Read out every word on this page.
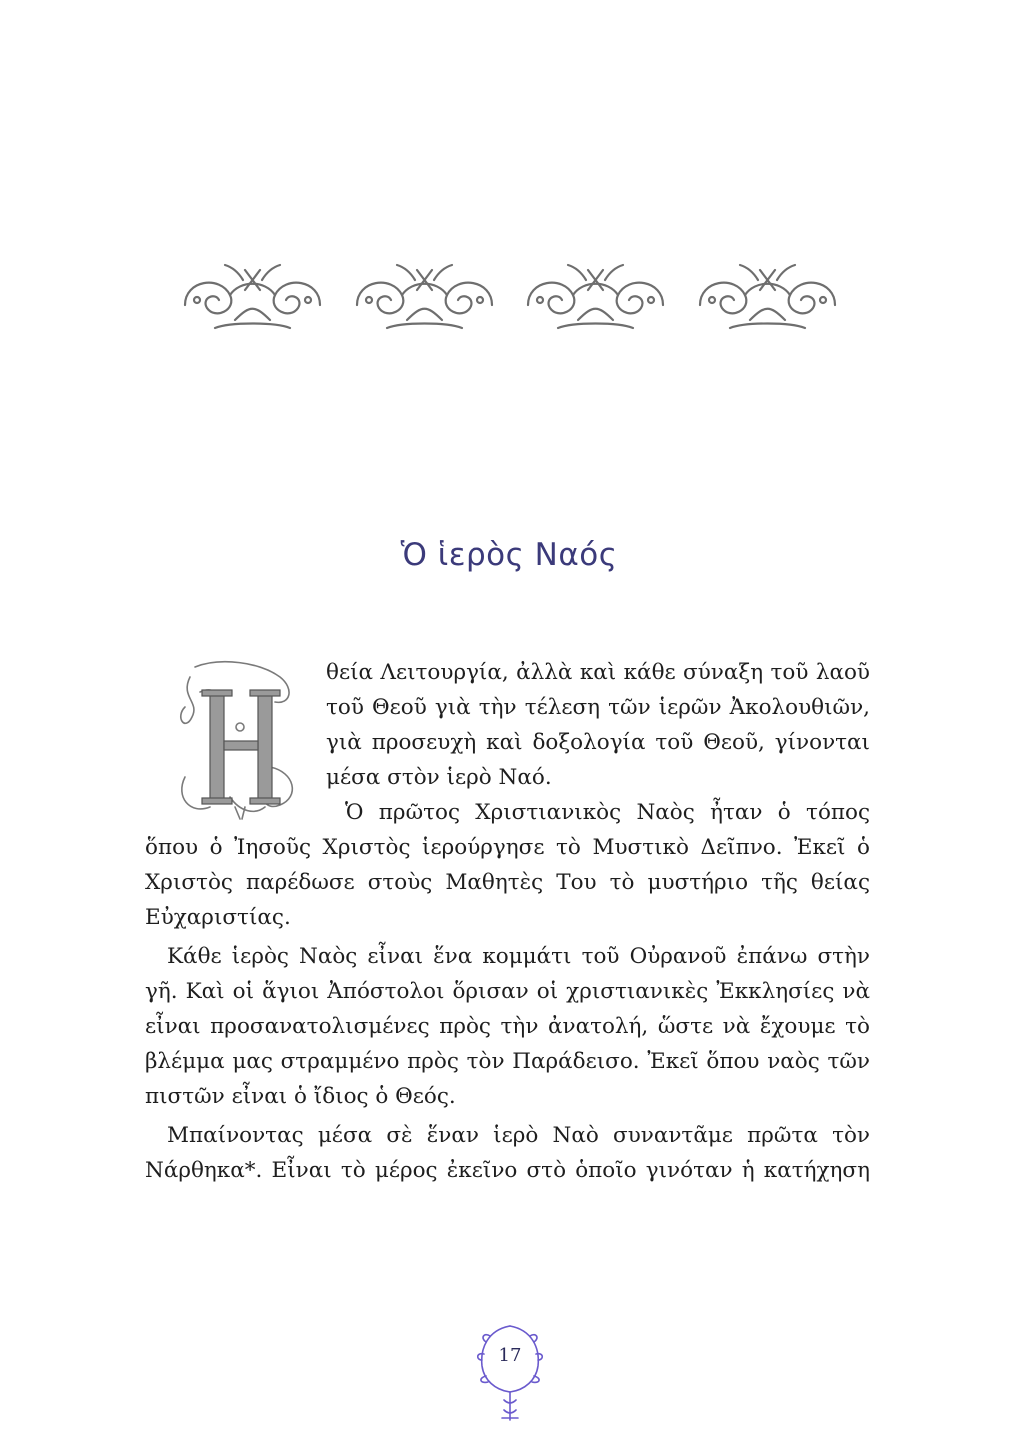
Ὁ ἱερὸς Ναός
θεία Λειτουργία, ἀλλὰ καὶ κάθε σύναξη τοῦ λαοῦ
τοῦ Θεοῦ γιὰ τὴν τέλεση τῶν ἱερῶν Ἀκολουθιῶν,
γιὰ προσευχὴ καὶ δοξολογία τοῦ Θεοῦ, γίνονται
μέσα στὸν ἱερὸ Ναό.
Ὁ πρῶτος Χριστιανικὸς Ναὸς ἦταν ὁ τόπος
ὅπου ὁ Ἰησοῦς Χριστὸς ἱερούργησε τὸ Μυστικὸ Δεῖπνο. Ἐκεῖ ὁ
Χριστὸς παρέδωσε στοὺς Μαθητὲς Του τὸ μυστήριο τῆς θείας
Εὐχαριστίας.
Κάθε ἱερὸς Ναὸς εἶναι ἕνα κομμάτι τοῦ Οὐρανοῦ ἐπάνω στὴν
γῆ. Καὶ οἱ ἅγιοι Ἀπόστολοι ὅρισαν οἱ χριστιανικὲς Ἐκκλησίες νὰ
εἶναι προσανατολισμένες πρὸς τὴν ἀνατολή, ὥστε νὰ ἔχουμε τὸ
βλέμμα μας στραμμένο πρὸς τὸν Παράδεισο. Ἐκεῖ ὅπου ναὸς τῶν
πιστῶν εἶναι ὁ ἴδιος ὁ Θεός.
Μπαίνοντας μέσα σὲ ἕναν ἱερὸ Ναὸ συναντᾶμε πρῶτα τὸν
Νάρθηκα*. Εἶναι τὸ μέρος ἐκεῖνο στὸ ὁποῖο γινόταν ἡ κατήχηση
17
